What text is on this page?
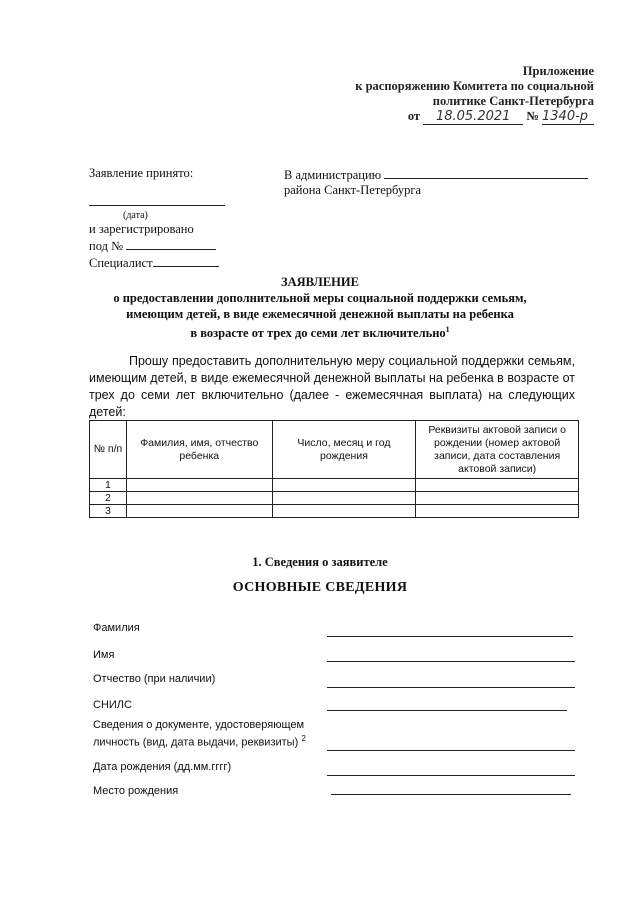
Приложение
к распоряжению Комитета по социальной
политике Санкт-Петербурга
от 18.05.2021 № 1340-р
Заявление принято:
(дата)
и зарегистрировано
под №
Специалист
В администрацию
района Санкт-Петербурга
ЗАЯВЛЕНИЕ
о предоставлении дополнительной меры социальной поддержки семьям,
имеющим детей, в виде ежемесячной денежной выплаты на ребенка
в возрасте от трех до семи лет включительно$^1$
Прошу предоставить дополнительную меру социальной поддержки семьям, имеющим детей, в виде ежемесячной денежной выплаты на ребенка в возрасте от трех до семи лет включительно (далее - ежемесячная выплата) на следующих детей:
№ п/п	Фамилия, имя, отчество ребенка	Число, месяц и год рождения	Реквизиты актовой записи о рождении (номер актовой записи, дата составления актовой записи)
1			
2			
3			
1. Сведения о заявителе
ОСНОВНЫЕ СВЕДЕНИЯ
Фамилия
Имя
Отчество (при наличии)
СНИЛС
Сведения о документе, удостоверяющем
личность (вид, дата выдачи, реквизиты) $^2$
Дата рождения (дд.мм.гггг)
Место рождения
